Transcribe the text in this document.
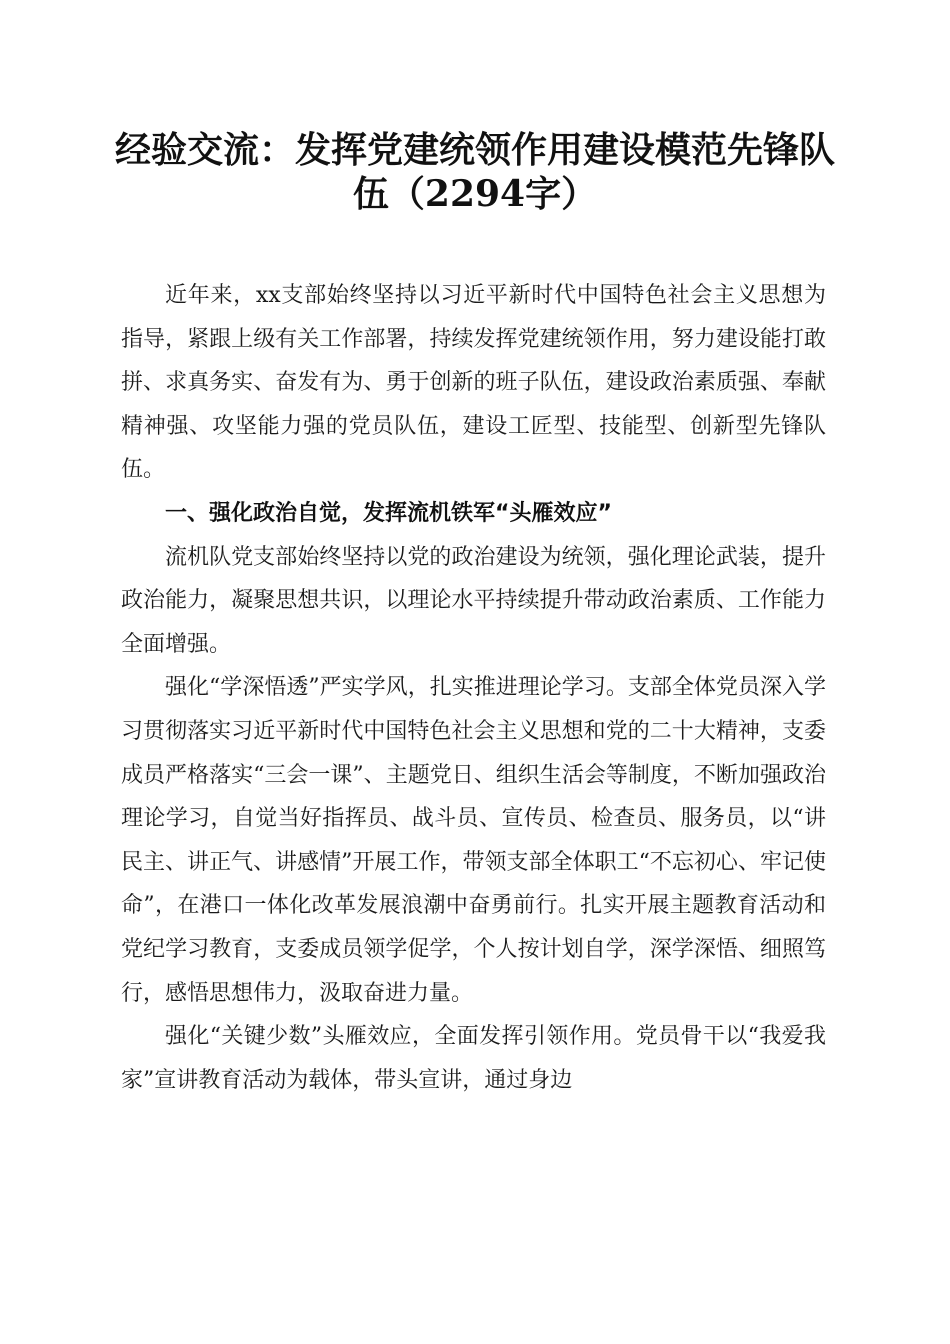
经验交流：发挥党建统领作用建设模范先锋队伍（2294字）

近年来，xx支部始终坚持以习近平新时代中国特色社会主义思想为指导，紧跟上级有关工作部署，持续发挥党建统领作用，努力建设能打敢拼、求真务实、奋发有为、勇于创新的班子队伍，建设政治素质强、奉献精神强、攻坚能力强的党员队伍，建设工匠型、技能型、创新型先锋队伍。

一、强化政治自觉，发挥流机铁军“头雁效应”

流机队党支部始终坚持以党的政治建设为统领，强化理论武装，提升政治能力，凝聚思想共识，以理论水平持续提升带动政治素质、工作能力全面增强。

强化“学深悟透”严实学风，扎实推进理论学习。支部全体党员深入学习贯彻落实习近平新时代中国特色社会主义思想和党的二十大精神，支委成员严格落实“三会一课”、主题党日、组织生活会等制度，不断加强政治理论学习，自觉当好指挥员、战斗员、宣传员、检查员、服务员，以“讲民主、讲正气、讲感情”开展工作，带领支部全体职工“不忘初心、牢记使命”，在港口一体化改革发展浪潮中奋勇前行。扎实开展主题教育活动和党纪学习教育，支委成员领学促学，个人按计划自学，深学深悟、细照笃行，感悟思想伟力，汲取奋进力量。

强化“关键少数”头雁效应，全面发挥引领作用。党员骨干以“我爱我家”宣讲教育活动为载体，带头宣讲，通过身边
